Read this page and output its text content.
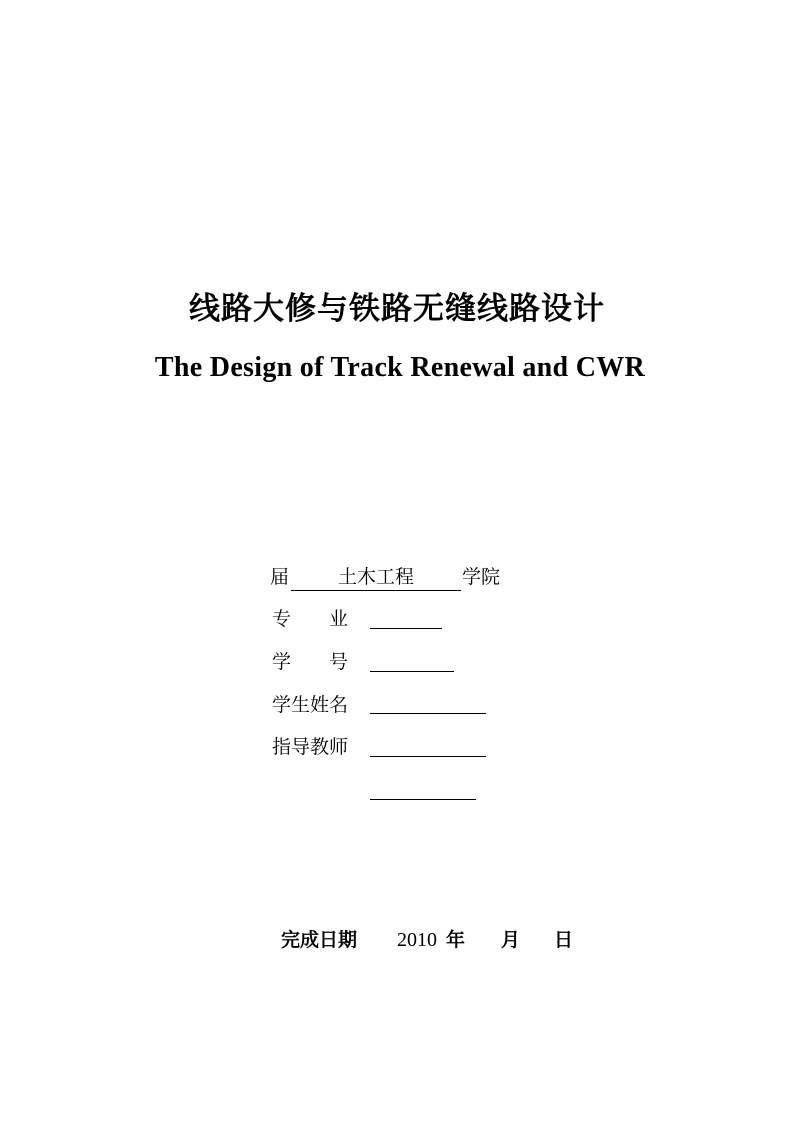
线路大修与铁路无缝线路设计
The Design of Track Renewal and CWR
届	土木工程	学院
专　　业
学　　号
学生姓名
指导教师
完成日期 2010 年 月 日
